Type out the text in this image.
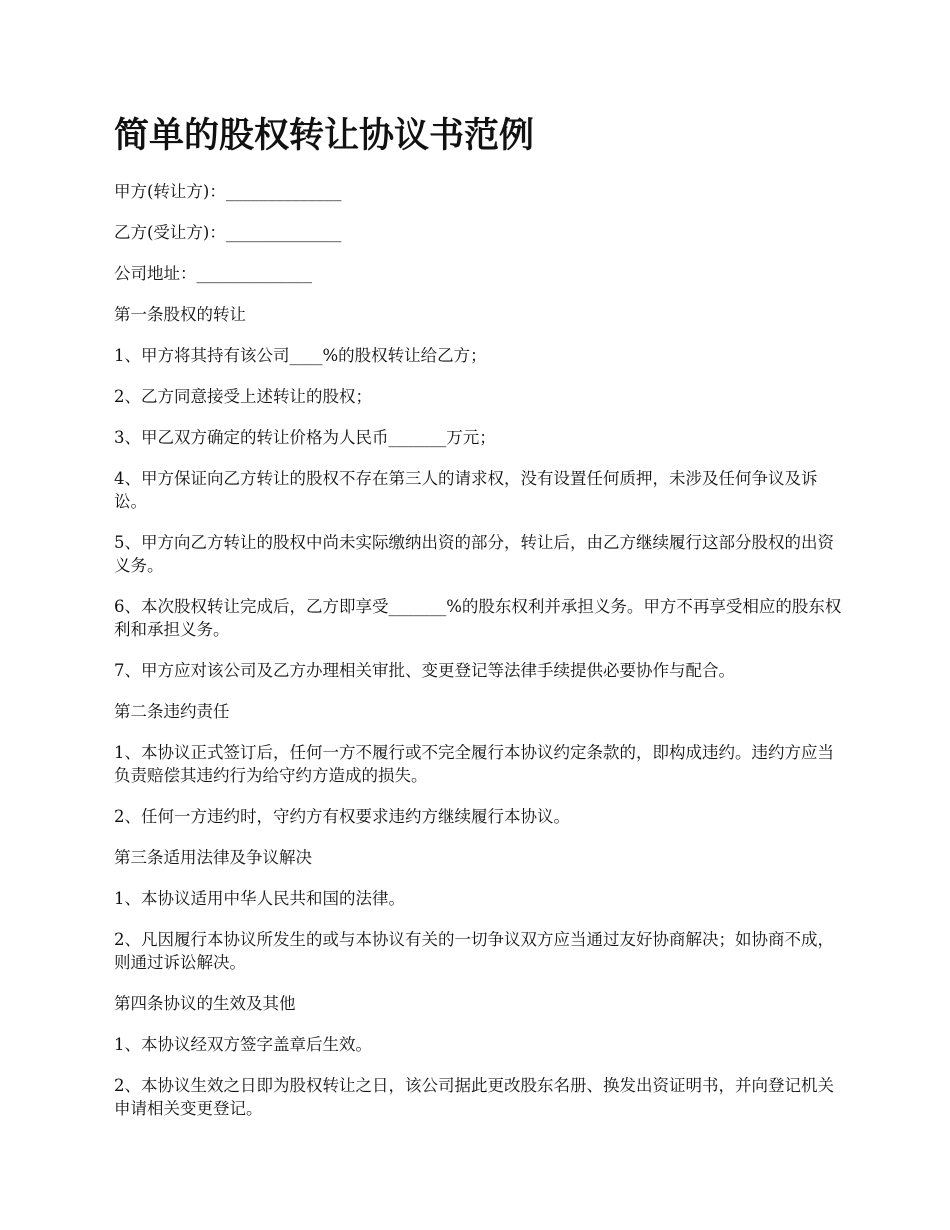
简单的股权转让协议书范例

甲方(转让方)：______________

乙方(受让方)：______________

公司地址：______________

第一条股权的转让

1、甲方将其持有该公司____%的股权转让给乙方；

2、乙方同意接受上述转让的股权；

3、甲乙双方确定的转让价格为人民币_______万元；

4、甲方保证向乙方转让的股权不存在第三人的请求权，没有设置任何质押，未涉及任何争议及诉讼。

5、甲方向乙方转让的股权中尚未实际缴纳出资的部分，转让后，由乙方继续履行这部分股权的出资义务。

6、本次股权转让完成后，乙方即享受_______%的股东权利并承担义务。甲方不再享受相应的股东权利和承担义务。

7、甲方应对该公司及乙方办理相关审批、变更登记等法律手续提供必要协作与配合。

第二条违约责任

1、本协议正式签订后，任何一方不履行或不完全履行本协议约定条款的，即构成违约。违约方应当负责赔偿其违约行为给守约方造成的损失。

2、任何一方违约时，守约方有权要求违约方继续履行本协议。

第三条适用法律及争议解决

1、本协议适用中华人民共和国的法律。

2、凡因履行本协议所发生的或与本协议有关的一切争议双方应当通过友好协商解决；如协商不成，则通过诉讼解决。

第四条协议的生效及其他

1、本协议经双方签字盖章后生效。

2、本协议生效之日即为股权转让之日，该公司据此更改股东名册、换发出资证明书，并向登记机关申请相关变更登记。
